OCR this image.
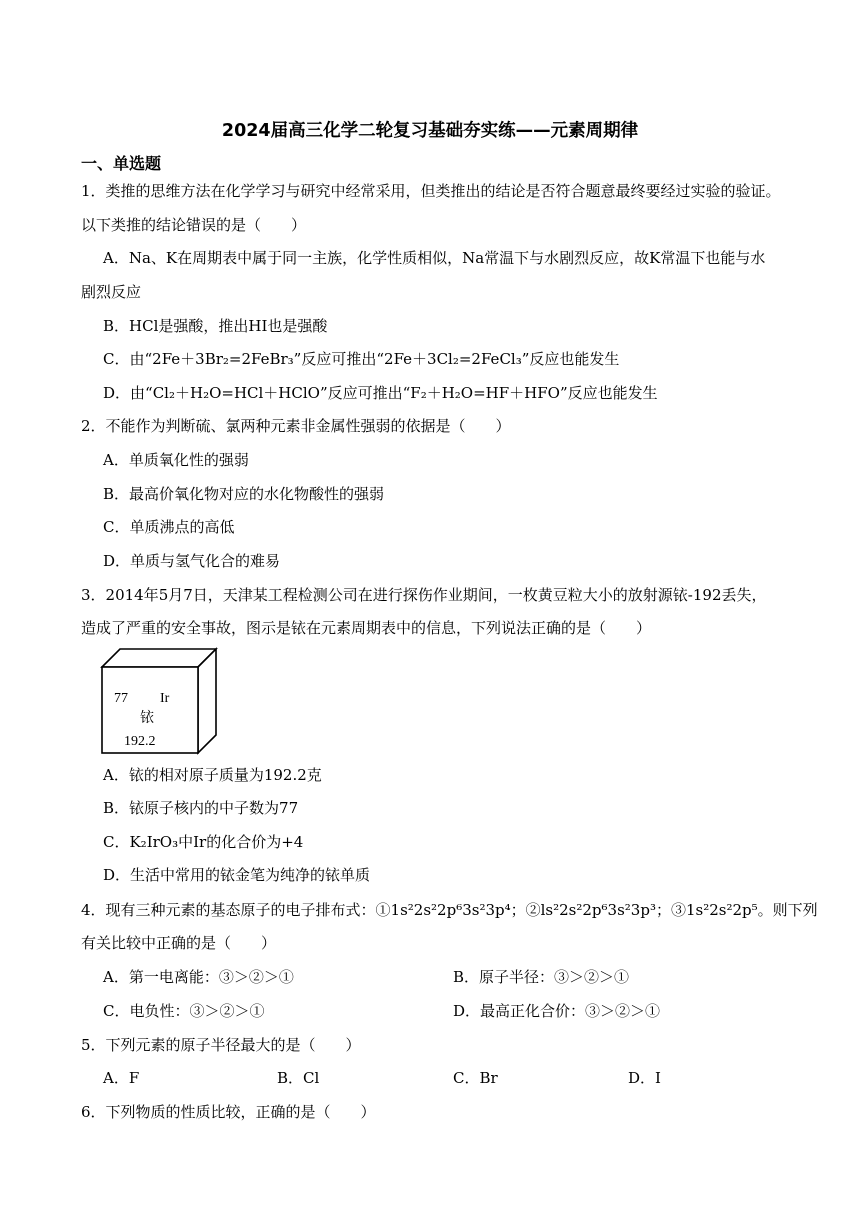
2024届高三化学二轮复习基础夯实练——元素周期律
一、单选题
1．类推的思维方法在化学学习与研究中经常采用，但类推出的结论是否符合题意最终要经过实验的验证。
以下类推的结论错误的是（　　）
A．Na、K在周期表中属于同一主族，化学性质相似，Na常温下与水剧烈反应，故K常温下也能与水
剧烈反应
B．HCl是强酸，推出HI也是强酸
C．由“2Fe＋3Br₂=2FeBr₃”反应可推出“2Fe＋3Cl₂=2FeCl₃”反应也能发生
D．由“Cl₂＋H₂O=HCl＋HClO”反应可推出“F₂＋H₂O=HF＋HFO”反应也能发生
2．不能作为判断硫、氯两种元素非金属性强弱的依据是（　　）
A．单质氧化性的强弱
B．最高价氧化物对应的水化物酸性的强弱
C．单质沸点的高低
D．单质与氢气化合的难易
3．2014年5月7日，天津某工程检测公司在进行探伤作业期间，一枚黄豆粒大小的放射源铱-192丢失，
造成了严重的安全事故，图示是铱在元素周期表中的信息，下列说法正确的是（　　）
77 Ir
铱
192.2
A．铱的相对原子质量为192.2克
B．铱原子核内的中子数为77
C．K₂IrO₃中Ir的化合价为+4
D．生活中常用的铱金笔为纯净的铱单质
4．现有三种元素的基态原子的电子排布式：①1s²2s²2p⁶3s²3p⁴；②ls²2s²2p⁶3s²3p³；③1s²2s²2p⁵。则下列
有关比较中正确的是（　　）
A．第一电离能：③＞②＞①	B．原子半径：③＞②＞①
C．电负性：③＞②＞①	D．最高正化合价：③＞②＞①
5．下列元素的原子半径最大的是（　　）
A．F	B．Cl	C．Br	D．I
6．下列物质的性质比较，正确的是（　　）
